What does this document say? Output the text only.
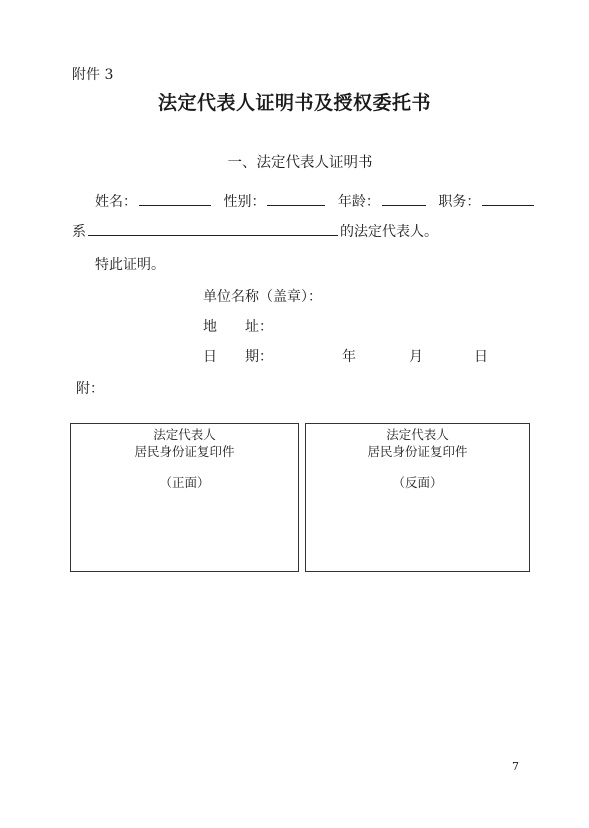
附件 3
法定代表人证明书及授权委托书
一、法定代表人证明书
姓名：	性别：	年龄：	职务：
系	的法定代表人。
特此证明。
单位名称（盖章）：
地　　址：
日　　期：	年	月	日
附：
法定代表人
居民身份证复印件
（正面）
法定代表人
居民身份证复印件
（反面）
7
